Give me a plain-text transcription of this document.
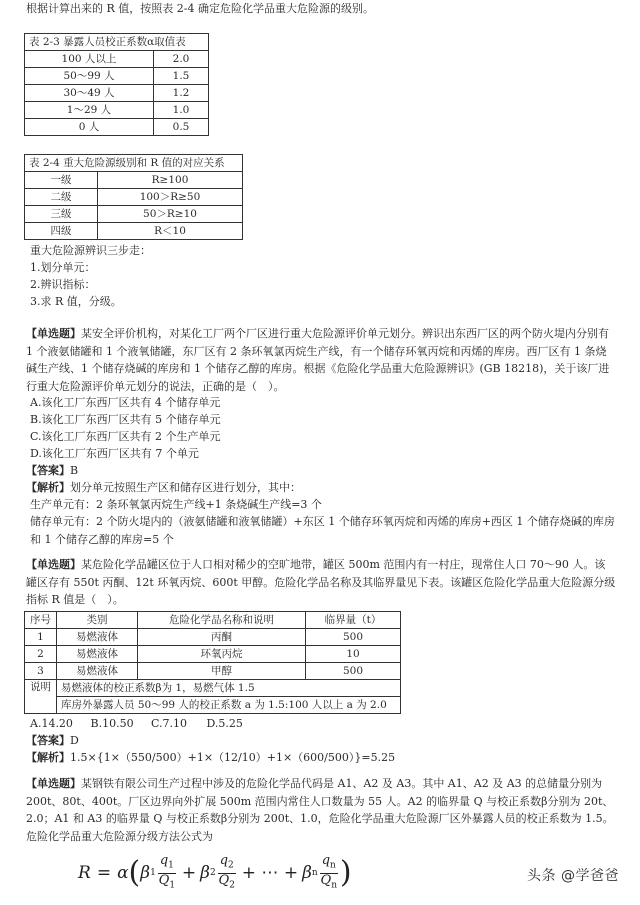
根据计算出来的 R 值，按照表 2-4 确定危险化学品重大危险源的级别。
表 2-3 暴露人员校正系数α取值表	
100 人以上	2.0
50～99 人	1.5
30～49 人	1.2
1～29 人	1.0
0 人	0.5
表 2-4 重大危险源级别和 R 值的对应关系	
一级	R≥100
二级	100＞R≥50
三级	50＞R≥10
四级	R＜10
重大危险源辨识三步走：
1.划分单元：
2.辨识指标：
3.求 R 值，分级。
【单选题】某安全评价机构，对某化工厂两个厂区进行重大危险源评价单元划分。辨识出东西厂区的两个防火堤内分别有 1 个液氨储罐和 1 个液氧储罐，东厂区有 2 条环氧氯丙烷生产线，有一个储存环氧丙烷和丙烯的库房。西厂区有 1 条烧碱生产线、1 个储存烧碱的库房和 1 个储存乙醇的库房。根据《危险化学品重大危险源辨识》(GB 18218)，关于该厂进行重大危险源评价单元划分的说法，正确的是（　）。
A.该化工厂东西厂区共有 4 个储存单元
B.该化工厂东西厂区共有 5 个储存单元
C.该化工厂东西厂区共有 2 个生产单元
D.该化工厂东西厂区共有 7 个单元
【答案】B
【解析】划分单元按照生产区和储存区进行划分，其中：
生产单元有：2 条环氧氯丙烷生产线+1 条烧碱生产线=3 个
储存单元有：2 个防火堤内的（液氨储罐和液氧储罐）+东区 1 个储存环氧丙烷和丙烯的库房+西区 1 个储存烧碱的库房和 1 个储存乙醇的库房=5 个
【单选题】某危险化学品罐区位于人口相对稀少的空旷地带，罐区 500m 范围内有一村庄，现常住人口 70～90 人。该罐区存有 550t 丙酮、12t 环氧丙烷、600t 甲醇。危险化学品名称及其临界量见下表。该罐区危险化学品重大危险源分级指标 R 值是（　）。
序号	类别	危险化学品名称和说明	临界量（t）
1	易燃液体	丙酮	500
2	易燃液体	环氧丙烷	10
3	易燃液体	甲醇	500
说明	易燃液体的校正系数β为 1，易燃气体 1.5		
	库房外暴露人员 50～99 人的校正系数 a 为 1.5:100 人以上 a 为 2.0		
A.14.20 B.10.50 C.7.10 D.5.25
【答案】D
【解析】1.5×{1×（550/500）+1×（12/10）+1×（600/500）}=5.25
【单选题】某钢铁有限公司生产过程中涉及的危险化学品代码是 A1、A2 及 A3。其中 A1、A2 及 A3 的总储量分别为 200t、80t、400t。厂区边界向外扩展 500m 范围内常住人口数量为 55 人。A2 的临界量 Q 与校正系数β分别为 20t、2.0；A1 和 A3 的临界量 Q 与校正系数β分别为 200t、1.0，危险化学品重大危险源厂区外暴露人员的校正系数为 1.5。危险化学品重大危险源分级方法公式为
R = α ( β $1 \frac{q_1}{Q_1} + \beta$ $2 \frac{q_2}{Q_2}$ + ⋯ + β n $\frac{q_n}{Q_n}$ )	头条 @学爸爸
